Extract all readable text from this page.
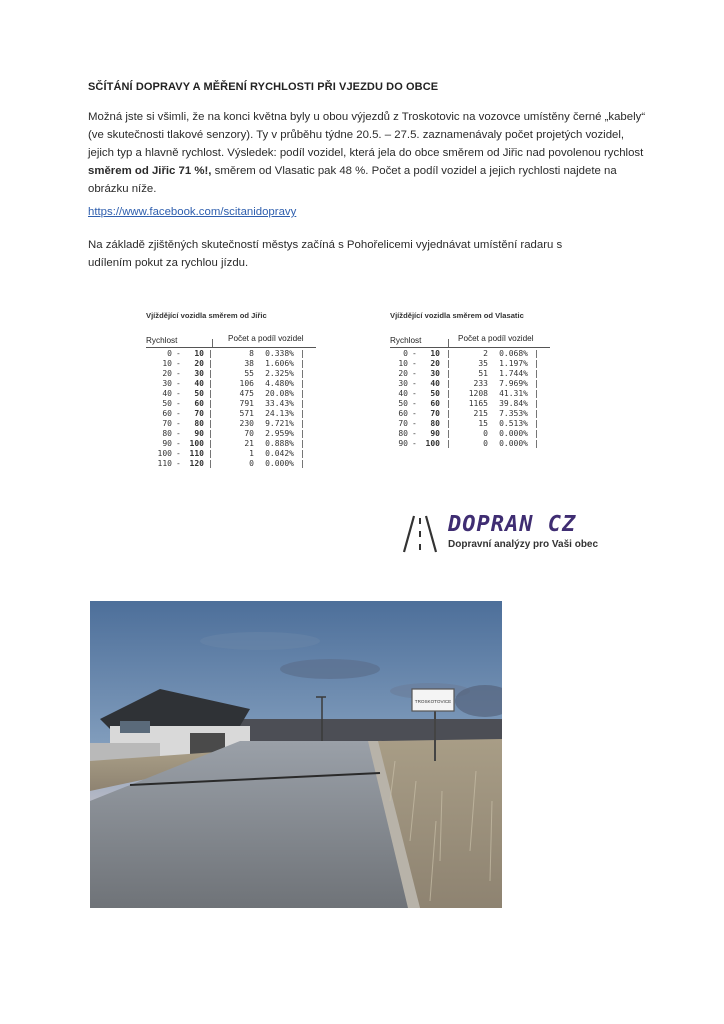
SČÍTÁNÍ DOPRAVY A MĚŘENÍ RYCHLOSTI PŘI VJEZDU DO OBCE
Možná jste si všimli, že na konci května byly u obou výjezdů z Troskotovic na vozovce umístěny černé „kabely“ (ve skutečnosti tlakové senzory). Ty v průběhu týdne 20.5. – 27.5. zaznamenávaly počet projetých vozidel, jejich typ a hlavně rychlost. Výsledek: podíl vozidel, která jela do obce směrem od Jiřic nad povolenou rychlost směrem od Jiřic 71 %!, směrem od Vlasatic pak 48 %. Počet a podíl vozidel a jejich rychlosti najdete na obrázku níže.
https://www.facebook.com/scitanidopravy
Na základě zjištěných skutečností městys začíná s Pohořelicemi vyjednávat umístění radaru s udílením pokut za rychlou jízdu.
Vjíždějící vozidla směrem od Jiřic
Rychlost	| Počet a podíl vozidel
0 -	10 |	8	0.338% |
10 -	20 |	38	1.606% |
20 -	30 |	55	2.325% |
30 -	40 |	106	4.480% |
40 -	50 |	475	20.08% |
50 -	60 |	791	33.43% |
60 -	70 |	571	24.13% |
70 -	80 |	230	9.721% |
80 -	90 |	70	2.959% |
90 -	100 |	21	0.888% |
100 -	110 |	1	0.042% |
110 -	120 |	0	0.000% |
Vjíždějící vozidla směrem od Vlasatic
Rychlost	| Počet a podíl vozidel
0 -	10 |	2	0.068% |
10 -	20 |	35	1.197% |
20 -	30 |	51	1.744% |
30 -	40 |	233	7.969% |
40 -	50 |	1208	41.31% |
50 -	60 |	1165	39.84% |
60 -	70 |	215	7.353% |
70 -	80 |	15	0.513% |
80 -	90 |	0	0.000% |
90 -	100 |	0	0.000% |
DOPRAN CZ
Dopravní analýzy pro Vaši obec
TROSKOTOVICE
